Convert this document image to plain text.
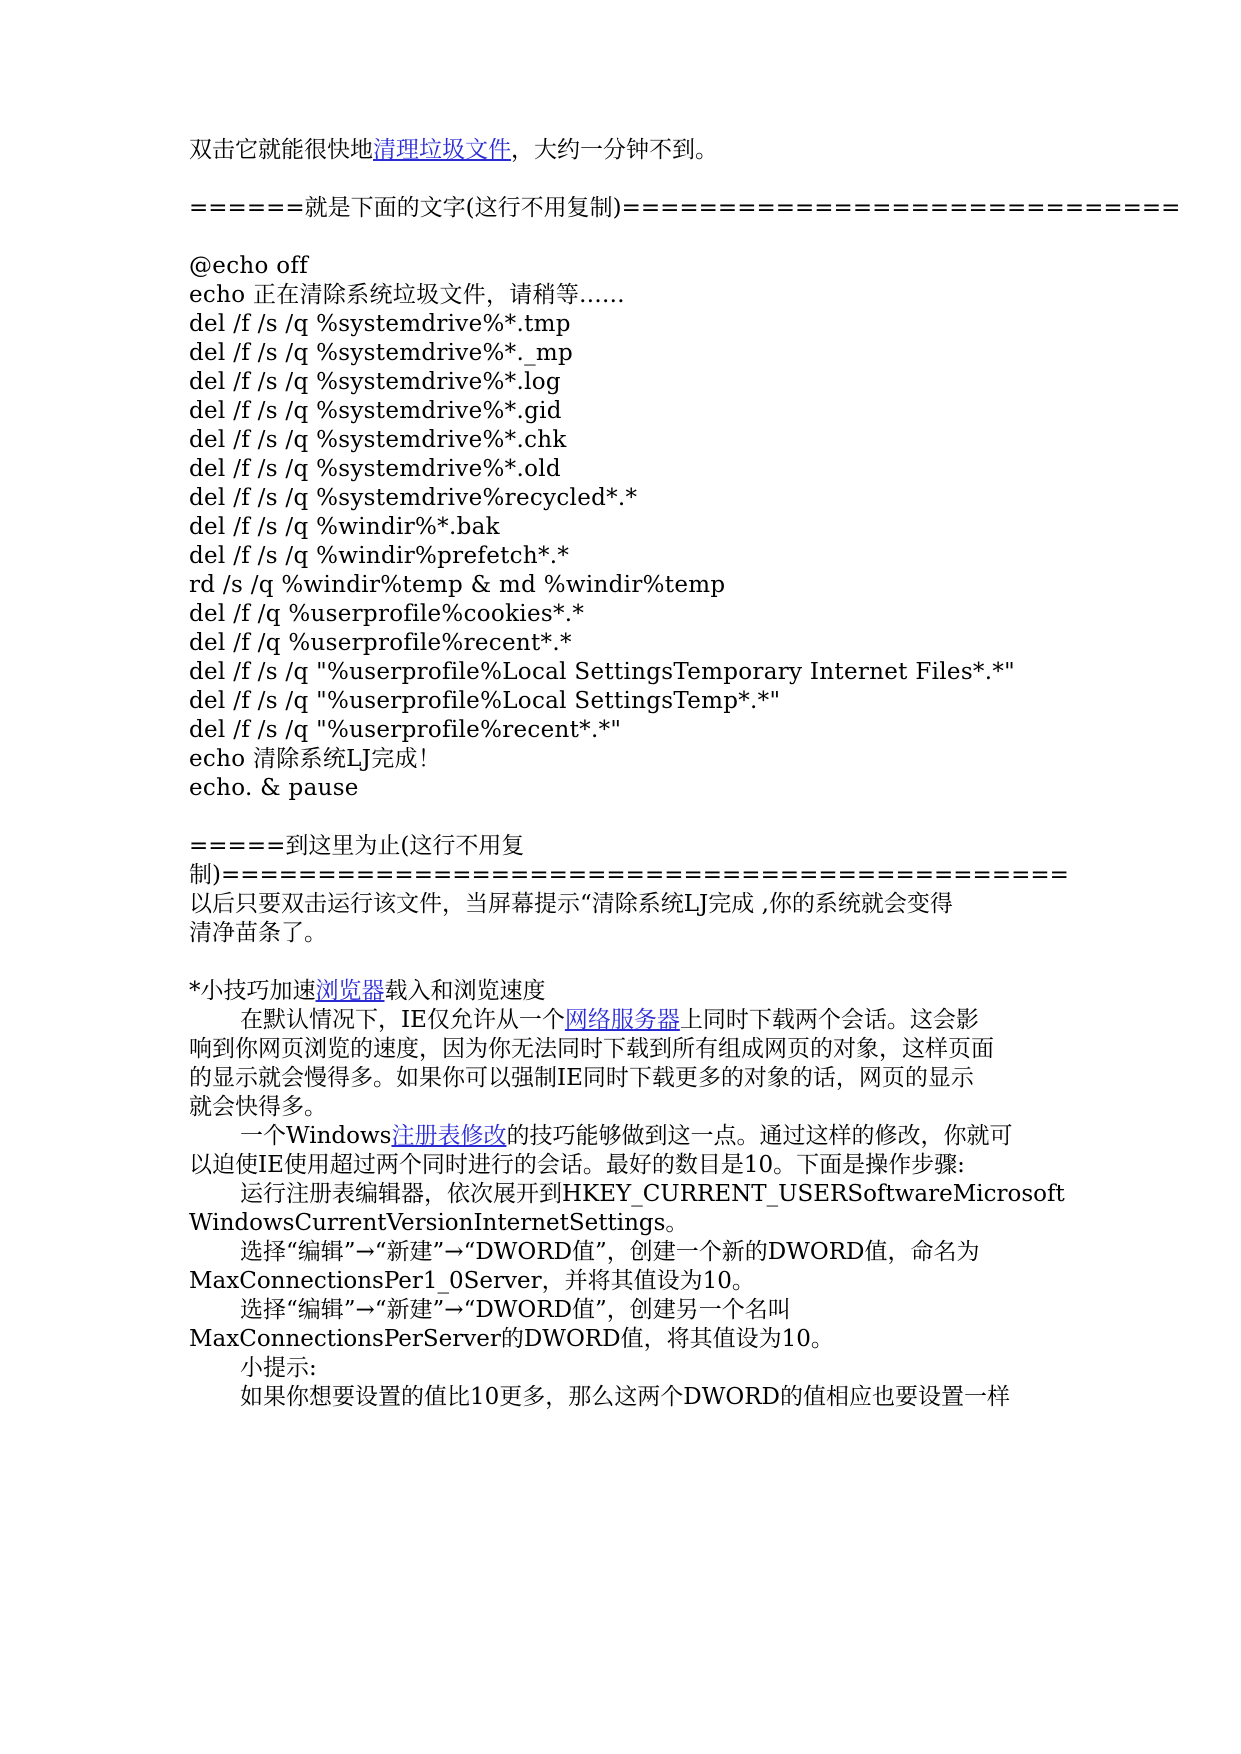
双击它就能很快地清理垃圾文件，大约一分钟不到。
======就是下面的文字(这行不用复制)=============================
@echo off
echo 正在清除系统垃圾文件，请稍等......
del /f /s /q %systemdrive%*.tmp
del /f /s /q %systemdrive%*._mp
del /f /s /q %systemdrive%*.log
del /f /s /q %systemdrive%*.gid
del /f /s /q %systemdrive%*.chk
del /f /s /q %systemdrive%*.old
del /f /s /q %systemdrive%recycled*.*
del /f /s /q %windir%*.bak
del /f /s /q %windir%prefetch*.*
rd /s /q %windir%temp & md %windir%temp
del /f /q %userprofile%cookies*.*
del /f /q %userprofile%recent*.*
del /f /s /q "%userprofile%Local SettingsTemporary Internet Files*.*"
del /f /s /q "%userprofile%Local SettingsTemp*.*"
del /f /s /q "%userprofile%recent*.*"
echo 清除系统LJ完成！
echo. & pause
=====到这里为止(这行不用复
制)============================================
以后只要双击运行该文件，当屏幕提示“清除系统LJ完成 ,你的系统就会变得
清净苗条了。
*小技巧加速浏览器载入和浏览速度
在默认情况下，IE仅允许从一个网络服务器上同时下载两个会话。这会影
响到你网页浏览的速度，因为你无法同时下载到所有组成网页的对象，这样页面
的显示就会慢得多。如果你可以强制IE同时下载更多的对象的话，网页的显示
就会快得多。
一个Windows注册表修改的技巧能够做到这一点。通过这样的修改，你就可
以迫使IE使用超过两个同时进行的会话。最好的数目是10。下面是操作步骤:
运行注册表编辑器，依次展开到HKEY_CURRENT_USERSoftwareMicrosoft
WindowsCurrentVersionInternetSettings。
选择“编辑”→“新建”→“DWORD值”，创建一个新的DWORD值，命名为
MaxConnectionsPer1_0Server，并将其值设为10。
选择“编辑”→“新建”→“DWORD值”，创建另一个名叫
MaxConnectionsPerServer的DWORD值，将其值设为10。
小提示:
如果你想要设置的值比10更多，那么这两个DWORD的值相应也要设置一样
